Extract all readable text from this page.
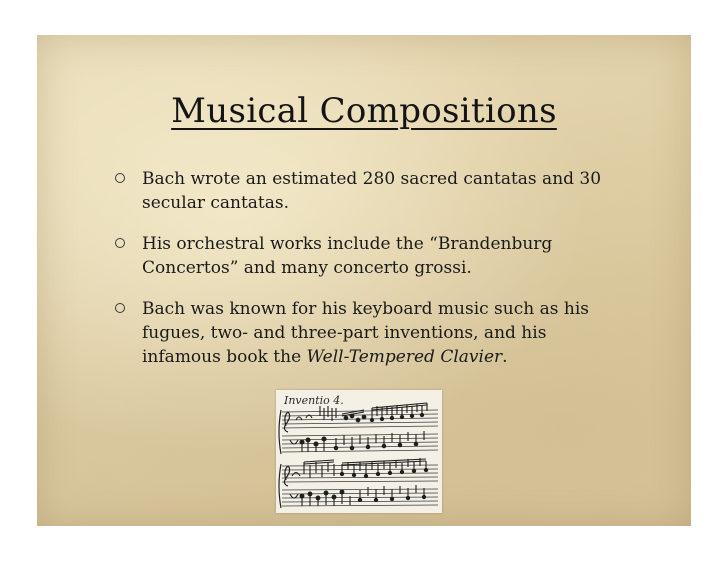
Musical Compositions
Bach wrote an estimated 280 sacred cantatas and 30 secular cantatas.
His orchestral works include the “Brandenburg Concertos” and many concerto grossi.
Bach was known for his keyboard music such as his fugues, two- and three-part inventions, and his infamous book the Well-Tempered Clavier.
Inventio 4.
